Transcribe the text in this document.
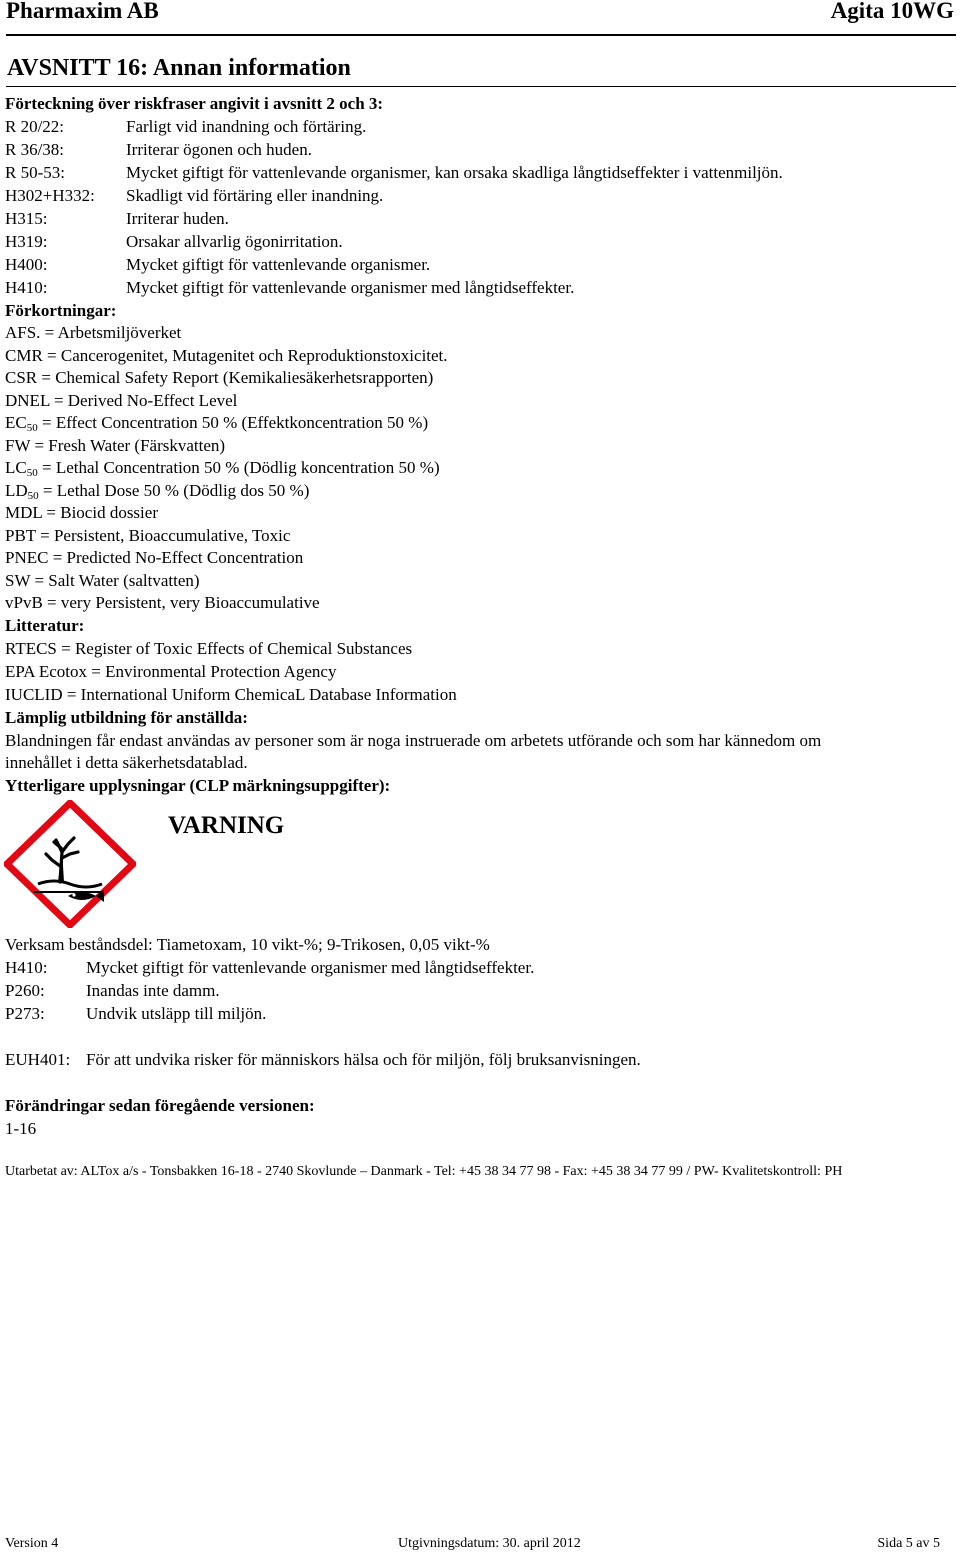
Pharmaxim AB	Agita 10WG
AVSNITT 16: Annan information
Förteckning över riskfraser angivit i avsnitt 2 och 3:
R 20/22:	Farligt vid inandning och förtäring.
R 36/38:	Irriterar ögonen och huden.
R 50-53:	Mycket giftigt för vattenlevande organismer, kan orsaka skadliga långtidseffekter i vattenmiljön.
H302+H332: Skadligt vid förtäring eller inandning.
H315:	Irriterar huden.
H319:	Orsakar allvarlig ögonirritation.
H400:	Mycket giftigt för vattenlevande organismer.
H410:	Mycket giftigt för vattenlevande organismer med långtidseffekter.
Förkortningar:
AFS. = Arbetsmiljöverket
CMR = Cancerogenitet, Mutagenitet och Reproduktionstoxicitet.
CSR = Chemical Safety Report (Kemikaliesäkerhetsrapporten)
DNEL = Derived No-Effect Level
$EC_{50}$ = Effect Concentration 50 % (Effektkoncentration 50 %)
FW = Fresh Water (Färskvatten)
$LC_{50}$ = Lethal Concentration 50 % (Dödlig koncentration 50 %)
$LD_{50}$ = Lethal Dose 50 % (Dödlig dos 50 %)
MDL = Biocid dossier
PBT = Persistent, Bioaccumulative, Toxic
PNEC = Predicted No-Effect Concentration
SW = Salt Water (saltvatten)
vPvB = very Persistent, very Bioaccumulative
Litteratur:
RTECS = Register of Toxic Effects of Chemical Substances
EPA Ecotox = Environmental Protection Agency
IUCLID = International Uniform ChemicaL Database Information
Lämplig utbildning för anställda:
Blandningen får endast användas av personer som är noga instruerade om arbetets utförande och som har kännedom om
innehållet i detta säkerhetsdatablad.
Ytterligare upplysningar (CLP märkningsuppgifter):
VARNING
Verksam beståndsdel: Tiametoxam, 10 vikt-%; 9-Trikosen, 0,05 vikt-%
H410: Mycket giftigt för vattenlevande organismer med långtidseffekter.
P260: Inandas inte damm.
P273: Undvik utsläpp till miljön.
EUH401: För att undvika risker för människors hälsa och för miljön, följ bruksanvisningen.
Förändringar sedan föregående versionen:
1-16
Utarbetat av: ALTox a/s - Tonsbakken 16-18 - 2740 Skovlunde – Danmark - Tel: +45 38 34 77 98 - Fax: +45 38 34 77 99 / PW- Kvalitetskontroll: PH
Version 4	Utgivningsdatum: 30. april 2012	Sida 5 av 5
